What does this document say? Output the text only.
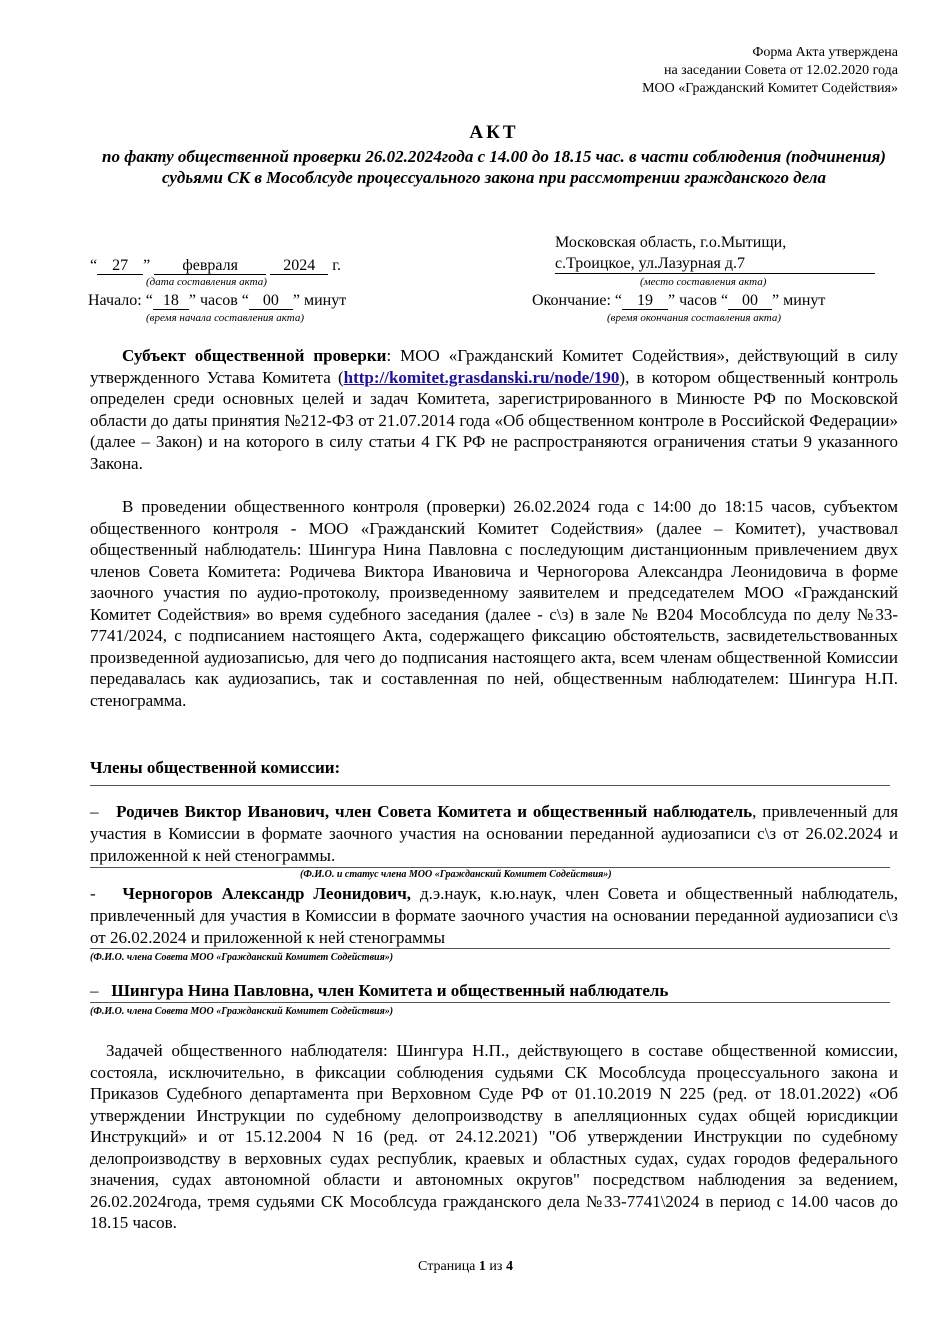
Форма Акта утверждена
на заседании Совета от 12.02.2020 года
МОО «Гражданский Комитет Содействия»
АКТ
по факту общественной проверки 26.02.2024года с 14.00 до 18.15 час. в части соблюдения (подчинения) судьями СК в Мособлсуде процессуального закона при рассмотрении гражданского дела
Московская область, г.о.Мытищи,
с.Троицкое, ул.Лазурная д.7
(место составления акта)
“ 27 ” февраля	2024 г.
(дата составления акта)
Начало: “ 18 ” часов “ 00 ” минут
(время начала составления акта)
Окончание: “ 19 ” часов “ 00 ” минут
(время окончания составления акта)
Субъект общественной проверки: МОО «Гражданский Комитет Содействия», действующий в силу утвержденного Устава Комитета (http://komitet.grasdanski.ru/node/190), в котором общественный контроль определен среди основных целей и задач Комитета, зарегистрированного в Минюсте РФ по Московской области до даты принятия №212-ФЗ от 21.07.2014 года «Об общественном контроле в Российской Федерации» (далее – Закон) и на которого в силу статьи 4 ГК РФ не распространяются ограничения статьи 9 указанного Закона.
В проведении общественного контроля (проверки) 26.02.2024 года с 14:00 до 18:15 часов, субъектом общественного контроля - МОО «Гражданский Комитет Содействия» (далее – Комитет), участвовал общественный наблюдатель: Шингура Нина Павловна с последующим дистанционным привлечением двух членов Совета Комитета: Родичева Виктора Ивановича и Черногорова Александра Леонидовича в форме заочного участия по аудио-протоколу, произведенному заявителем и председателем МОО «Гражданский Комитет Содействия» во время судебного заседания (далее - с\з) в зале № В204 Мособлсуда по делу №33-7741/2024, с подписанием настоящего Акта, содержащего фиксацию обстоятельств, засвидетельствованных произведенной аудиозаписью, для чего до подписания настоящего акта, всем членам общественной Комиссии передавалась как аудиозапись, так и составленная по ней, общественным наблюдателем: Шингура Н.П. стенограмма.
Члены общественной комиссии:
– Родичев Виктор Иванович, член Совета Комитета и общественный наблюдатель, привлеченный для участия в Комиссии в формате заочного участия на основании переданной аудиозаписи с\з от 26.02.2024 и приложенной к ней стенограммы.
(Ф.И.О. и статус члена МОО «Гражданский Комитет Содействия»)
- Черногоров Александр Леонидович, д.э.наук, к.ю.наук, член Совета и общественный наблюдатель, привлеченный для участия в Комиссии в формате заочного участия на основании переданной аудиозаписи с\з от 26.02.2024 и приложенной к ней стенограммы
(Ф.И.О. члена Совета МОО «Гражданский Комитет Содействия»)
– Шингура Нина Павловна, член Комитета и общественный наблюдатель
(Ф.И.О. члена Совета МОО «Гражданский Комитет Содействия»)
Задачей общественного наблюдателя: Шингура Н.П., действующего в составе общественной комиссии, состояла, исключительно, в фиксации соблюдения судьями СК Мособлсуда процессуального закона и Приказов Судебного департаментa при Верховном Суде РФ от 01.10.2019 N 225 (ред. от 18.01.2022) «Об утверждении Инструкции по судебному делопроизводству в апелляционных судах общей юрисдикции Инструкций» и от 15.12.2004 N 16 (ред. от 24.12.2021) "Об утверждении Инструкции по судебному делопроизводству в верховных судах республик, краевых и областных судах, судах городов федерального значения, судах автономной области и автономных округов" посредством наблюдения за ведением, 26.02.2024года, тремя судьями СК Мособлсуда гражданского дела №33-7741\2024 в период с 14.00 часов до 18.15 часов.
Страница 1 из 4
